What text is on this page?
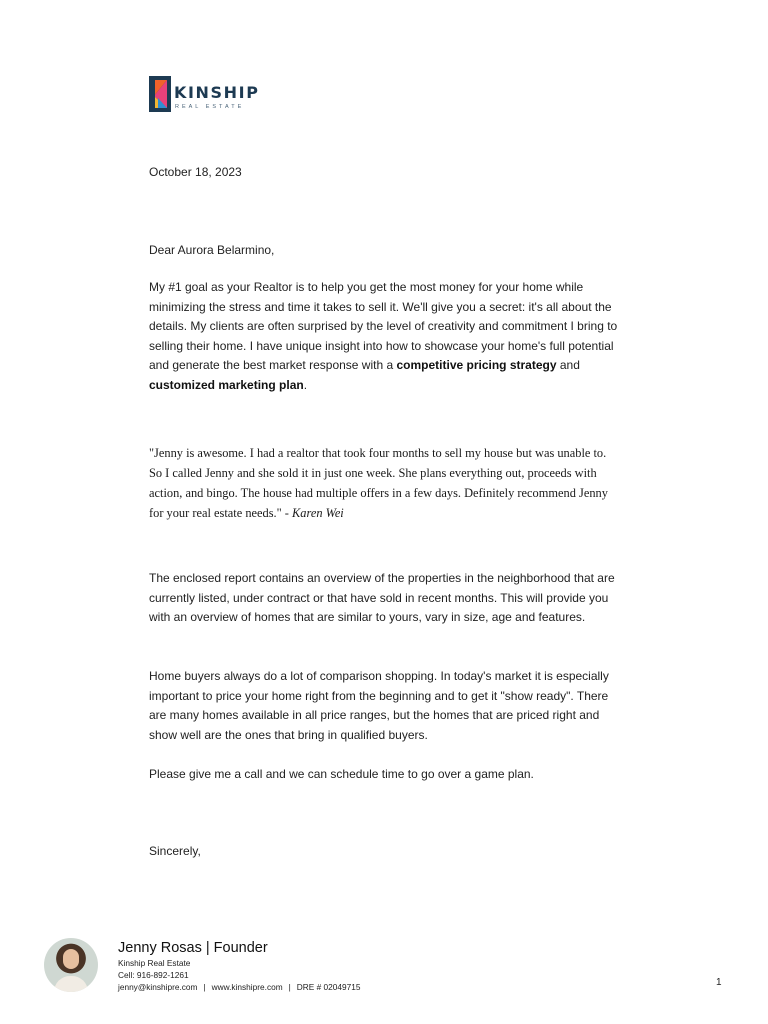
KINSHIP
REAL ESTATE
October 18, 2023

Dear Aurora Belarmino,

My #1 goal as your Realtor is to help you get the most money for your home while minimizing the stress and time it takes to sell it. We'll give you a secret: it's all about the details. My clients are often surprised by the level of creativity and commitment I bring to selling their home. I have unique insight into how to showcase your home's full potential and generate the best market response with a competitive pricing strategy and customized marketing plan.

"Jenny is awesome. I had a realtor that took four months to sell my house but was unable to. So I called Jenny and she sold it in just one week. She plans everything out, proceeds with action, and bingo. The house had multiple offers in a few days. Definitely recommend Jenny for your real estate needs." - Karen Wei

The enclosed report contains an overview of the properties in the neighborhood that are currently listed, under contract or that have sold in recent months. This will provide you with an overview of homes that are similar to yours, vary in size, age and features.

Home buyers always do a lot of comparison shopping. In today's market it is especially important to price your home right from the beginning and to get it "show ready". There are many homes available in all price ranges, but the homes that are priced right and show well are the ones that bring in qualified buyers.

Please give me a call and we can schedule time to go over a game plan.

Sincerely,

Jenny Rosas | Founder
Kinship Real Estate
Cell: 916-892-1261
jenny@kinshipre.com | www.kinshipre.com | DRE # 02049715	1
